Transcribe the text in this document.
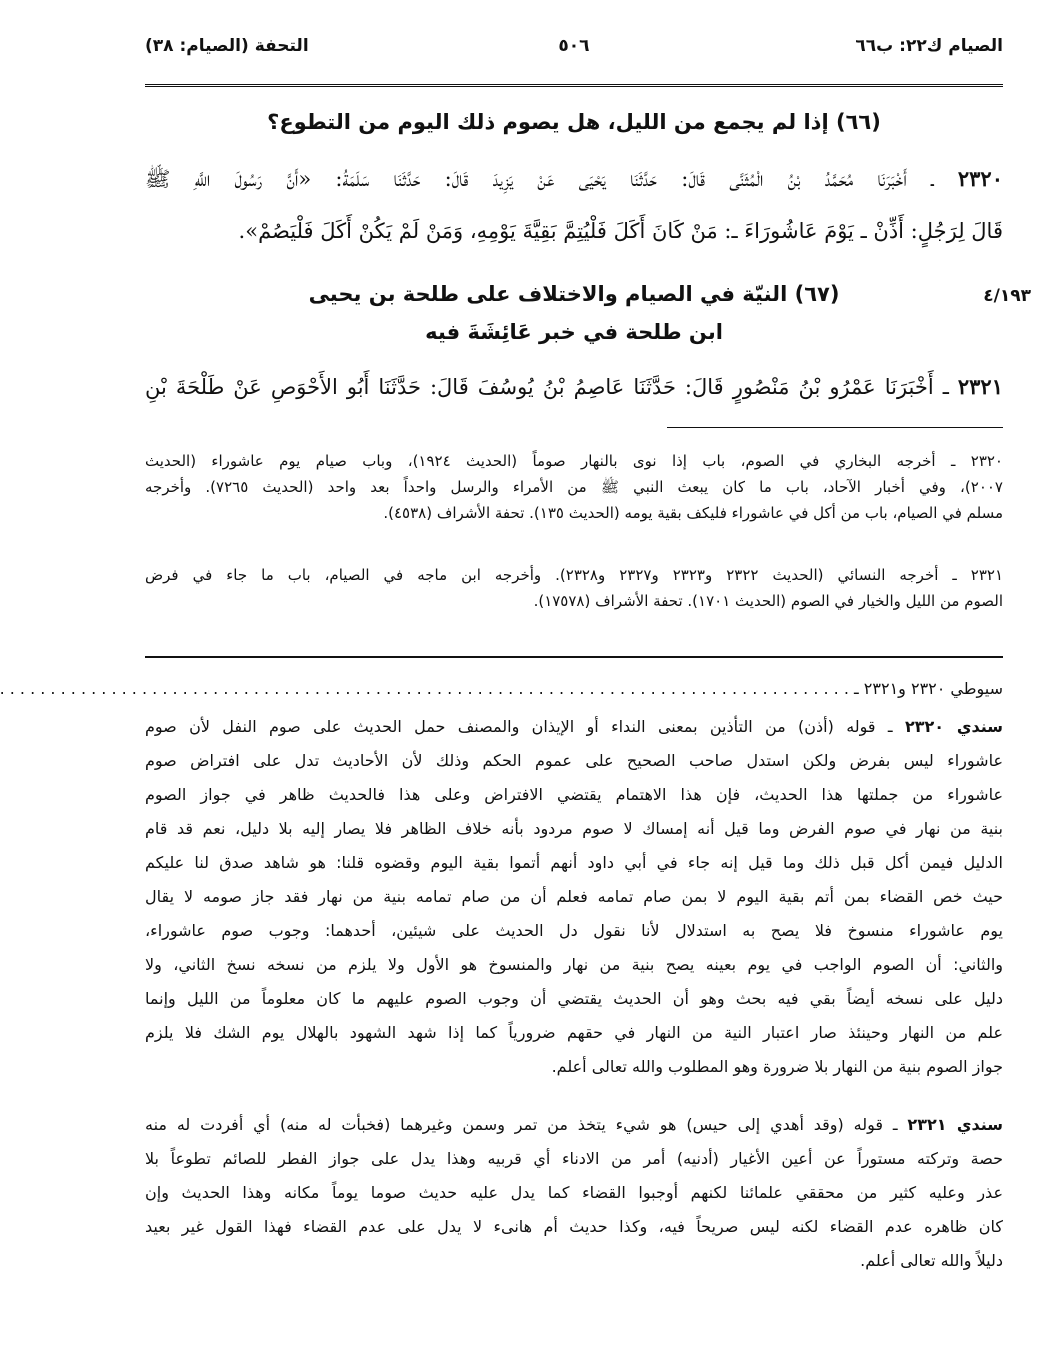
الصيام ك٢٢: ب٦٦
٥٠٦
التحفة (الصيام: ٣٨)
(٦٦) إذا لم يجمع من الليل، هل يصوم ذلك اليوم من التطوع؟
٢٣٢٠ ـ أَخْبَرَنَا مُحَمَّدُ بْنُ الْمُثَنَّى قَالَ: حَدَّثَنَا يَحْيَى عَنْ يَزِيدَ قَالَ: حَدَّثَنَا سَلَمَةُ: «أَنَّ رَسُولَ اللَّهِ ﷺ
قَالَ لِرَجُلٍ: أَذِّنْ ـ يَوْمَ عَاشُورَاءَ ـ: مَنْ كَانَ أَكَلَ فَلْيُتِمَّ بَقِيَّةَ يَوْمِهِ، وَمَنْ لَمْ يَكُنْ أَكَلَ فَلْيَصُمْ».
٤/١٩٣
(٦٧) النيّة في الصيام والاختلاف على طلحة بن يحيى
ابن طلحة في خبر عَائِشَةَ فيه
٢٣٢١ ـ أَخْبَرَنَا عَمْرُو بْنُ مَنْصُورٍ قَالَ: حَدَّثَنَا عَاصِمُ بْنُ يُوسُفَ قَالَ: حَدَّثَنَا أَبُو الأَحْوَصِ عَنْ طَلْحَةَ بْنِ

٢٣٢٠ ـ أخرجه البخاري في الصوم، باب إذا نوى بالنهار صوماً (الحديث ١٩٢٤)، وباب صيام يوم عاشوراء (الحديث

٢٠٠٧)، وفي أخبار الآحاد، باب ما كان يبعث النبي ﷺ من الأمراء والرسل واحداً بعد واحد (الحديث ٧٢٦٥). وأخرجه

مسلم في الصيام، باب من أكل في عاشوراء فليكف بقية يومه (الحديث ١٣٥). تحفة الأشراف (٤٥٣٨).

٢٣٢١ ـ أخرجه النسائي (الحديث ٢٣٢٢ و٢٣٢٣ و٢٣٢٧ و٢٣٢٨). وأخرجه ابن ماجه في الصيام، باب ما جاء في فرض

الصوم من الليل والخيار في الصوم (الحديث ١٧٠١). تحفة الأشراف (١٧٥٧٨).

سيوطي ٢٣٢٠ و٢٣٢١ ـ . . . . . . . . . . . . . . . . . . . . . . . . . . . . . . . . . . . . . . . . . . . . . . . . . . . . . . . . . . . . . . . . . . . . . . . . . . . . . . . . . . . .

سندي ٢٣٢٠ ـ قوله (أذن) من التأذين بمعنى النداء أو الإيذان والمصنف حمل الحديث على صوم النفل لأن صوم

عاشوراء ليس بفرض ولكن استدل صاحب الصحيح على عموم الحكم وذلك لأن الأحاديث تدل على افتراض صوم

عاشوراء من جملتها هذا الحديث، فإن هذا الاهتمام يقتضي الافتراض وعلى هذا فالحديث ظاهر في جواز الصوم

بنية من نهار في صوم الفرض وما قيل أنه إمساك لا صوم مردود بأنه خلاف الظاهر فلا يصار إليه بلا دليل، نعم قد قام

الدليل فيمن أكل قبل ذلك وما قيل إنه جاء في أبي داود أنهم أتموا بقية اليوم وقضوه قلنا: هو شاهد صدق لنا عليكم

حيث خص القضاء بمن أتم بقية اليوم لا بمن صام تمامه فعلم أن من صام تمامه بنية من نهار فقد جاز صومه لا يقال

يوم عاشوراء منسوخ فلا يصح به استدلال لأنا نقول دل الحديث على شيئين، أحدهما: وجوب صوم عاشوراء،

والثاني: أن الصوم الواجب في يوم بعينه يصح بنية من نهار والمنسوخ هو الأول ولا يلزم من نسخه نسخ الثاني، ولا

دليل على نسخه أيضاً بقي فيه بحث وهو أن الحديث يقتضي أن وجوب الصوم عليهم ما كان معلوماً من الليل وإنما

علم من النهار وحينئذ صار اعتبار النية من النهار في حقهم ضرورياً كما إذا شهد الشهود بالهلال يوم الشك فلا يلزم

جواز الصوم بنية من النهار بلا ضرورة وهو المطلوب والله تعالى أعلم.

سندي ٢٣٢١ ـ قوله (وقد أهدي إلى حيس) هو شيء يتخذ من تمر وسمن وغيرهما (فخبأت له منه) أي أفردت له منه

حصة وتركته مستوراً عن أعين الأغيار (أدنيه) أمر من الادناء أي قربيه وهذا يدل على جواز الفطر للصائم تطوعاً بلا

عذر وعليه كثير من محققي علمائنا لكنهم أوجبوا القضاء كما يدل عليه حديث صوما يوماً مكانه وهذا الحديث وإن

كان ظاهره عدم القضاء لكنه ليس صريحاً فيه، وكذا حديث أم هانىء لا يدل على عدم القضاء فهذا القول غير بعيد

دليلاً والله تعالى أعلم.
